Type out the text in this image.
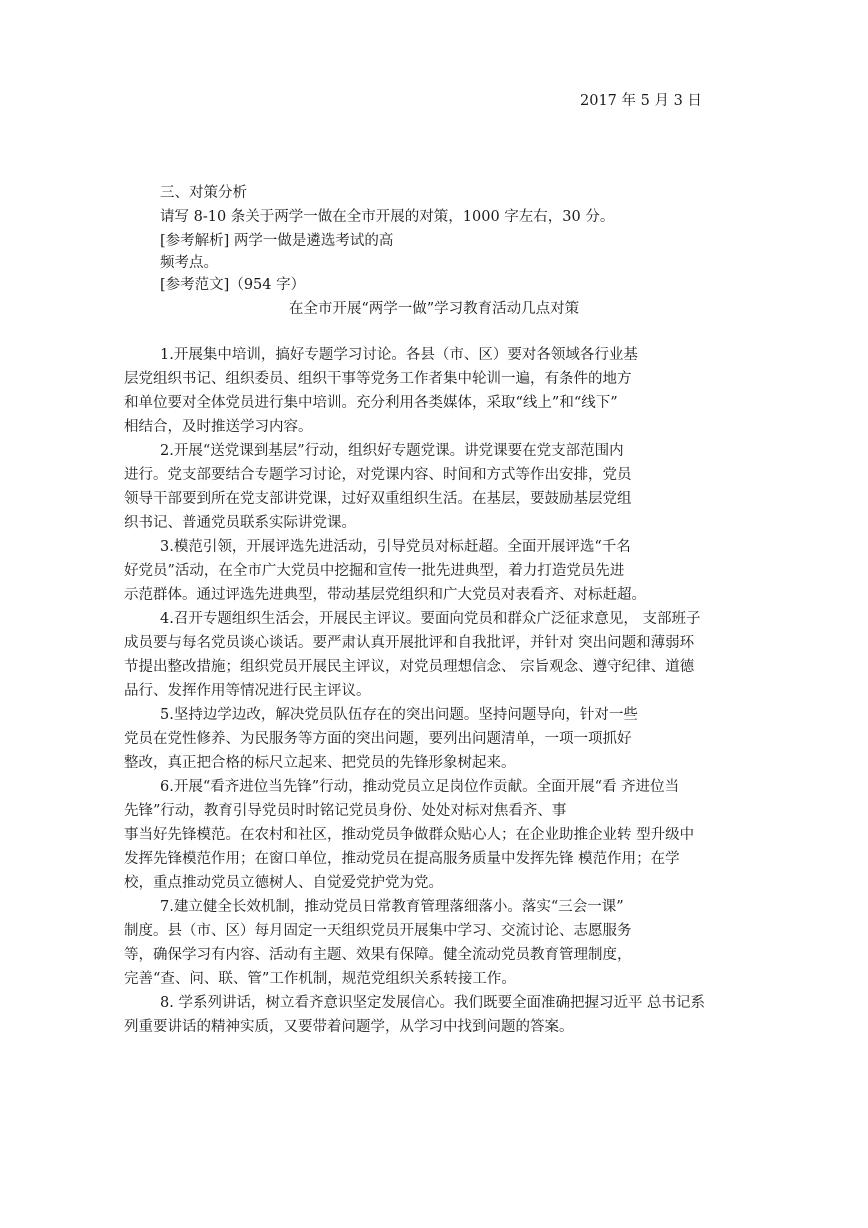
2017 年 5 月 3 日
三、对策分析
请写 8-10 条关于两学一做在全市开展的对策，1000 字左右，30 分。
[参考解析] 两学一做是遴选考试的高
频考点。
[参考范文]（954 字）
在全市开展“两学一做”学习教育活动几点对策
1.开展集中培训，搞好专题学习讨论。各县（市、区）要对各领域各行业基
层党组织书记、组织委员、组织干事等党务工作者集中轮训一遍，有条件的地方
和单位要对全体党员进行集中培训。充分利用各类媒体，采取“线上”和“线下”
相结合，及时推送学习内容。
2.开展“送党课到基层”行动，组织好专题党课。讲党课要在党支部范围内
进行。党支部要结合专题学习讨论，对党课内容、时间和方式等作出安排，党员
领导干部要到所在党支部讲党课，过好双重组织生活。在基层，要鼓励基层党组
织书记、普通党员联系实际讲党课。
3.模范引领，开展评选先进活动，引导党员对标赶超。全面开展评选“千名
好党员”活动，在全市广大党员中挖掘和宣传一批先进典型，着力打造党员先进
示范群体。通过评选先进典型，带动基层党组织和广大党员对表看齐、对标赶超。
4.召开专题组织生活会，开展民主评议。要面向党员和群众广泛征求意见， 支部班子
成员要与每名党员谈心谈话。要严肃认真开展批评和自我批评，并针对 突出问题和薄弱环
节提出整改措施；组织党员开展民主评议，对党员理想信念、 宗旨观念、遵守纪律、道德
品行、发挥作用等情况进行民主评议。
5.坚持边学边改，解决党员队伍存在的突出问题。坚持问题导向，针对一些
党员在党性修养、为民服务等方面的突出问题，要列出问题清单，一项一项抓好
整改，真正把合格的标尺立起来、把党员的先锋形象树起来。
6.开展“看齐进位当先锋”行动，推动党员立足岗位作贡献。全面开展“看 齐进位当
先锋”行动，教育引导党员时时铭记党员身份、处处对标对焦看齐、事
事当好先锋模范。在农村和社区，推动党员争做群众贴心人；在企业助推企业转 型升级中
发挥先锋模范作用；在窗口单位，推动党员在提高服务质量中发挥先锋 模范作用；在学
校，重点推动党员立德树人、自觉爱党护党为党。
7.建立健全长效机制，推动党员日常教育管理落细落小。落实“三会一课”
制度。县（市、区）每月固定一天组织党员开展集中学习、交流讨论、志愿服务
等，确保学习有内容、活动有主题、效果有保障。健全流动党员教育管理制度，
完善“查、问、联、管”工作机制，规范党组织关系转接工作。
8. 学系列讲话，树立看齐意识坚定发展信心。我们既要全面准确把握习近平 总书记系
列重要讲话的精神实质，又要带着问题学，从学习中找到问题的答案。
